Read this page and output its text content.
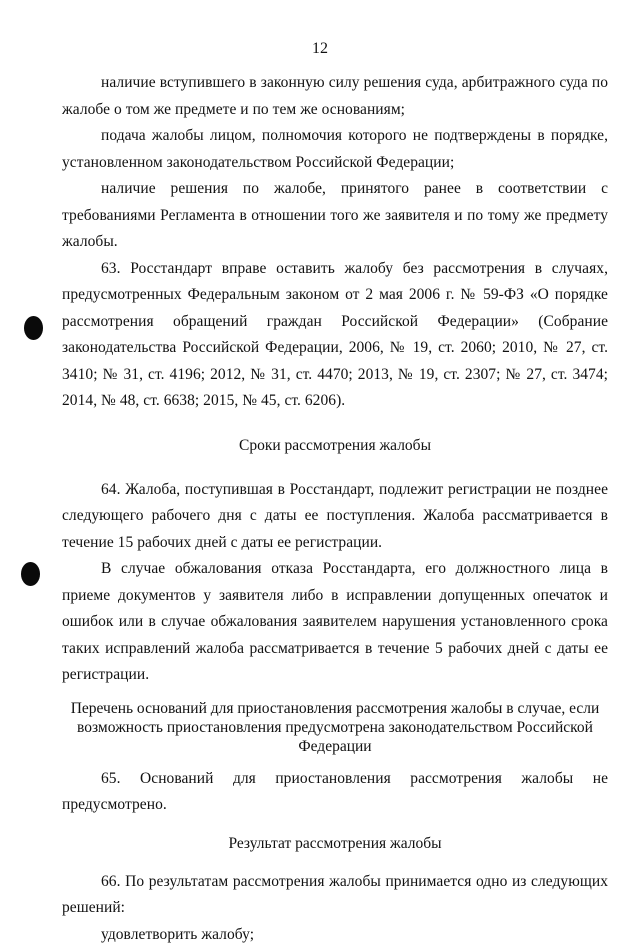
12

наличие вступившего в законную силу решения суда, арбитражного суда по жалобе о том же предмете и по тем же основаниям;

подача жалобы лицом, полномочия которого не подтверждены в порядке, установленном законодательством Российской Федерации;

наличие решения по жалобе, принятого ранее в соответствии с требованиями Регламента в отношении того же заявителя и по тому же предмету жалобы.

63. Росстандарт вправе оставить жалобу без рассмотрения в случаях, предусмотренных Федеральным законом от 2 мая 2006 г. № 59-ФЗ «О порядке рассмотрения обращений граждан Российской Федерации» (Собрание законодательства Российской Федерации, 2006, № 19, ст. 2060; 2010, № 27, ст. 3410; № 31, ст. 4196; 2012, № 31, ст. 4470; 2013, № 19, ст. 2307; № 27, ст. 3474; 2014, № 48, ст. 6638; 2015, № 45, ст. 6206).

Сроки рассмотрения жалобы

64. Жалоба, поступившая в Росстандарт, подлежит регистрации не позднее следующего рабочего дня с даты ее поступления. Жалоба рассматривается в течение 15 рабочих дней с даты ее регистрации.

В случае обжалования отказа Росстандарта, его должностного лица в приеме документов у заявителя либо в исправлении допущенных опечаток и ошибок или в случае обжалования заявителем нарушения установленного срока таких исправлений жалоба рассматривается в течение 5 рабочих дней с даты ее регистрации.

Перечень оснований для приостановления рассмотрения жалобы в случае, если возможность приостановления предусмотрена законодательством Российской Федерации

65. Оснований для приостановления рассмотрения жалобы не предусмотрено.

Результат рассмотрения жалобы

66. По результатам рассмотрения жалобы принимается одно из следующих решений:

удовлетворить жалобу;
